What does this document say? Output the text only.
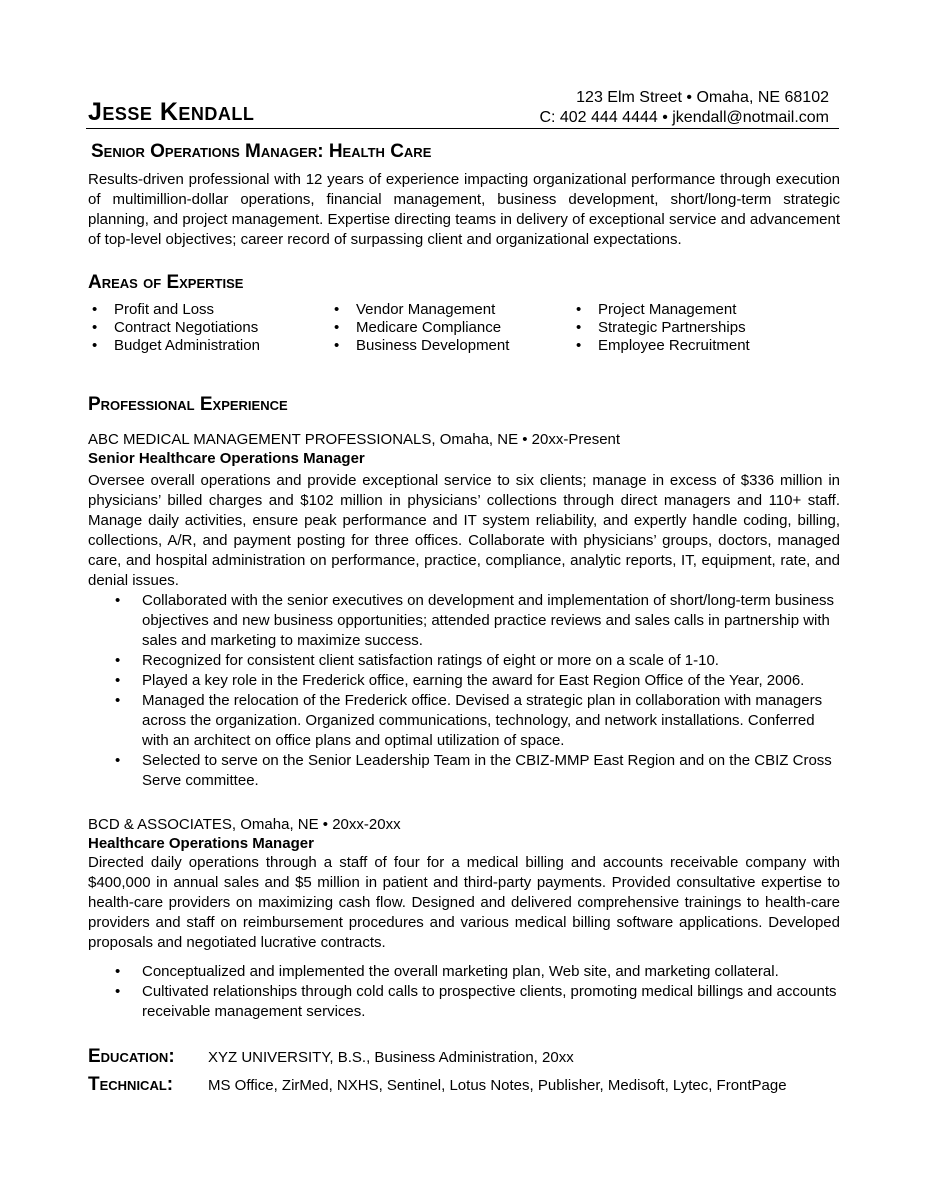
Jesse Kendall
123 Elm Street • Omaha, NE 68102
C: 402 444 4444 • jkendall@notmail.com
Senior Operations Manager: Health Care
Results-driven professional with 12 years of experience impacting organizational performance through execution of multimillion-dollar operations, financial management, business development, short/long-term strategic planning, and project management. Expertise directing teams in delivery of exceptional service and advancement of top-level objectives; career record of surpassing client and organizational expectations.
Areas of Expertise
• Profit and Loss
• Contract Negotiations
• Budget Administration
• Vendor Management
• Medicare Compliance
• Business Development
• Project Management
• Strategic Partnerships
• Employee Recruitment
Professional Experience
ABC MEDICAL MANAGEMENT PROFESSIONALS, Omaha, NE • 20xx-Present
Senior Healthcare Operations Manager
Oversee overall operations and provide exceptional service to six clients; manage in excess of $336 million in physicians’ billed charges and $102 million in physicians’ collections through direct managers and 110+ staff. Manage daily activities, ensure peak performance and IT system reliability, and expertly handle coding, billing, collections, A/R, and payment posting for three offices. Collaborate with physicians’ groups, doctors, managed care, and hospital administration on performance, practice, compliance, analytic reports, IT, equipment, rate, and denial issues.
• Collaborated with the senior executives on development and implementation of short/long-term business objectives and new business opportunities; attended practice reviews and sales calls in partnership with sales and marketing to maximize success.
• Recognized for consistent client satisfaction ratings of eight or more on a scale of 1-10.
• Played a key role in the Frederick office, earning the award for East Region Office of the Year, 2006.
• Managed the relocation of the Frederick office. Devised a strategic plan in collaboration with managers across the organization. Organized communications, technology, and network installations. Conferred with an architect on office plans and optimal utilization of space.
• Selected to serve on the Senior Leadership Team in the CBIZ-MMP East Region and on the CBIZ Cross Serve committee.
BCD & ASSOCIATES, Omaha, NE • 20xx-20xx
Healthcare Operations Manager
Directed daily operations through a staff of four for a medical billing and accounts receivable company with $400,000 in annual sales and $5 million in patient and third-party payments. Provided consultative expertise to health-care providers on maximizing cash flow. Designed and delivered comprehensive trainings to health-care providers and staff on reimbursement procedures and various medical billing software applications. Developed proposals and negotiated lucrative contracts.
• Conceptualized and implemented the overall marketing plan, Web site, and marketing collateral.
• Cultivated relationships through cold calls to prospective clients, promoting medical billings and accounts receivable management services.
Education:	XYZ UNIVERSITY, B.S., Business Administration, 20xx
Technical:	MS Office, ZirMed, NXHS, Sentinel, Lotus Notes, Publisher, Medisoft, Lytec, FrontPage
